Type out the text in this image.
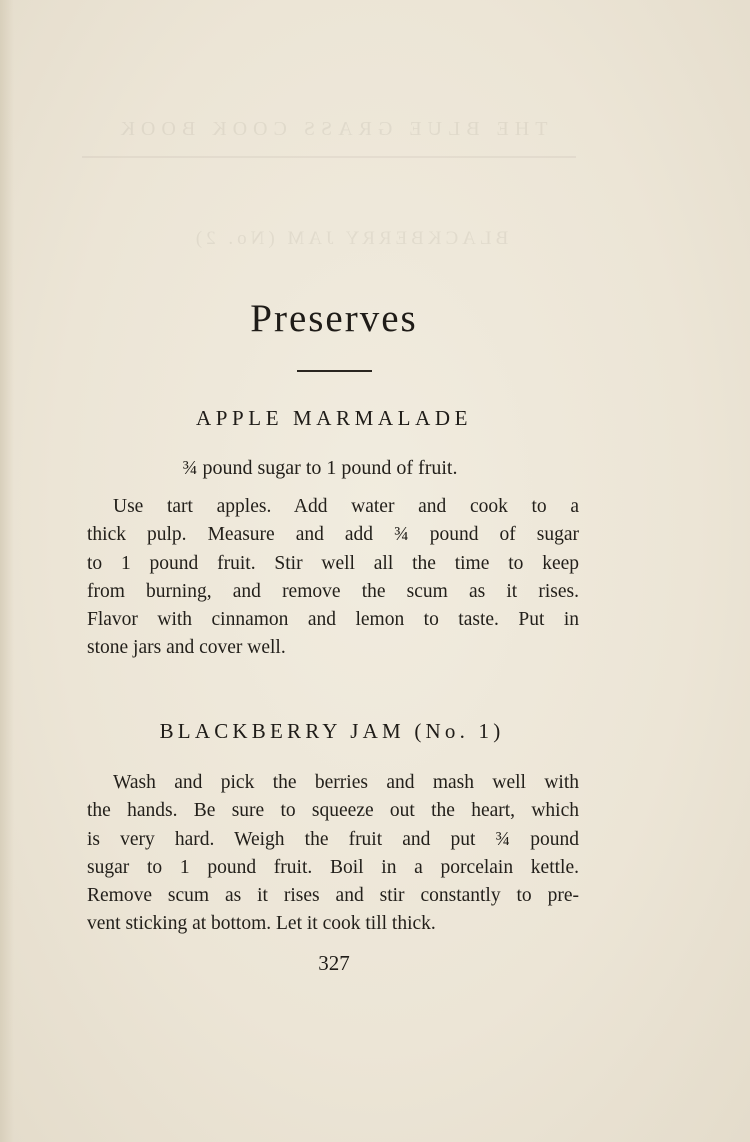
THE BLUE GRASS COOK BOOK
BLACKBERRY JAM (No. 2)
Preserves
APPLE MARMALADE
¾ pound sugar to 1 pound of fruit.
Use tart apples. Add water and cook to a
thick pulp. Measure and add ¾ pound of sugar
to 1 pound fruit. Stir well all the time to keep
from burning, and remove the scum as it rises.
Flavor with cinnamon and lemon to taste. Put in
stone jars and cover well.
BLACKBERRY JAM (No. 1)
Wash and pick the berries and mash well with
the hands. Be sure to squeeze out the heart, which
is very hard. Weigh the fruit and put ¾ pound
sugar to 1 pound fruit. Boil in a porcelain kettle.
Remove scum as it rises and stir constantly to pre-
vent sticking at bottom. Let it cook till thick.
327
